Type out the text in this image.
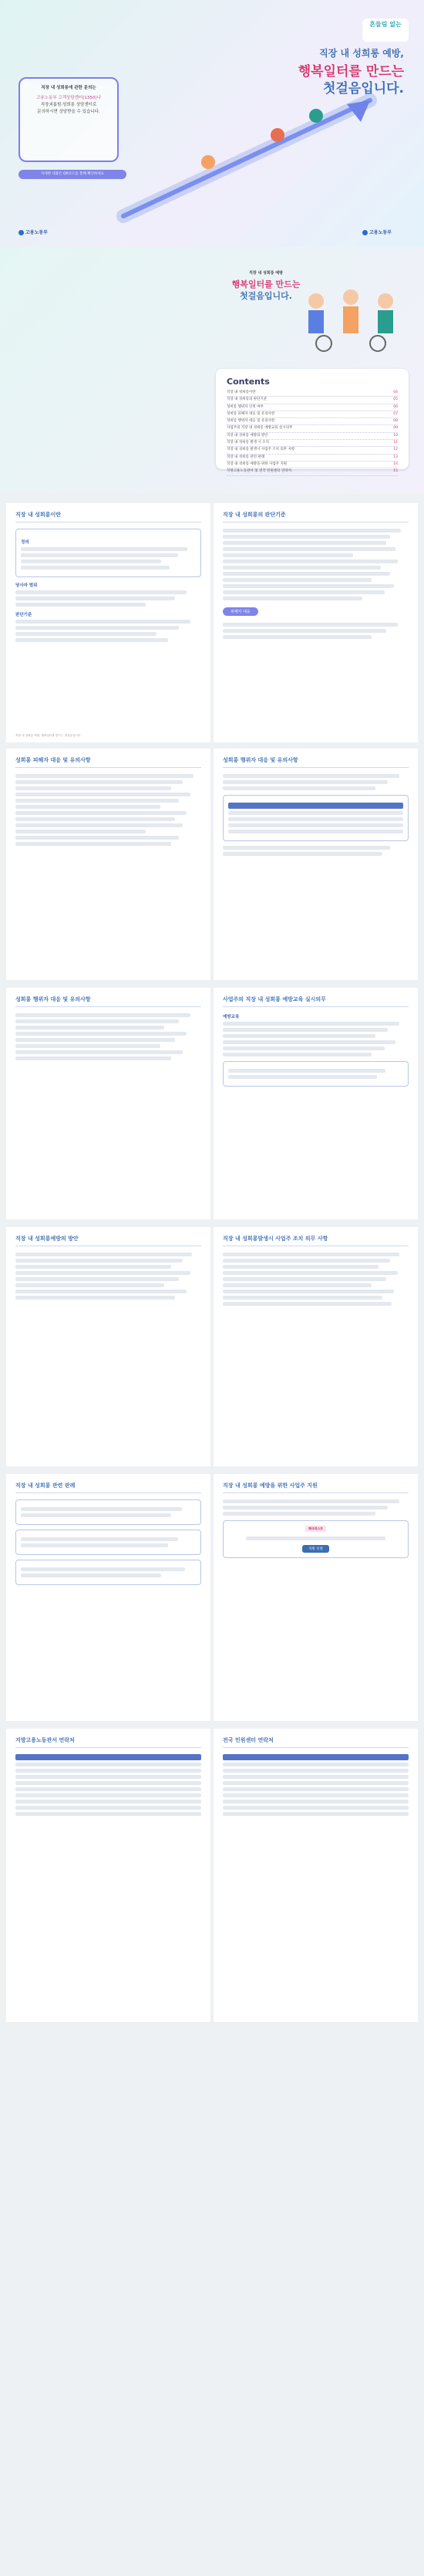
흔들림 없는
직장 내 성희롱 예방,
행복일터를 만드는
첫걸음입니다.
직장 내 성희롱에 관한 문의는
고용노동부 고객상담센터(1350)나
직장괴롭힘·성희롱 상담센터로
문의하시면 상담받을 수 있습니다.
자세한 내용은 QR코드를 통해 확인하세요
고용노동부	고용노동부
직장 내 성희롱 예방
행복일터를 만드는
첫걸음입니다.
Contents
직장 내 성희롱이란	04
직장 내 성희롱의 판단기준	05
성희롱 행위자 인정 여부	06
성희롱 피해자 대응 및 유의사항	07
성희롱 행위자 대응 및 유의사항	08
사업주의 직장 내 성희롱 예방교육 실시의무	09
직장 내 성희롱 예방의 방안	10
직장 내 성희롱 발생 시 조치	11
직장 내 성희롱 발생시 사업주 조치 의무 사항	12
직장 내 성희롱 관련 판례	13
직장 내 성희롱 예방을 위한 사업주 지원	14
지방고용노동관서 및 전국 민원센터 연락처	15
직장 내 성희롱이란
정의
당사자 범위
판단기준
직장 내 성희롱 예방, 행복일터를 만드는 첫걸음입니다
직장 내 성희롱의 판단기준
피해자 대응
성희롱 피해자 대응 및 유의사항	성희롱 행위자 대응 및 유의사항
성희롱 행위자 대응 및 유의사항	사업주의 직장 내 성희롱 예방교육 실시의무
예방교육
직장 내 성희롱예방의 방안	직장 내 성희롱발생시 사업주 조치 의무 사항
직장 내 성희롱 관련 판례	직장 내 성희롱 예방을 위한 사업주 지원
체크리스트
지원 신청
지방고용노동관서 연락처	전국 민원센터 연락처
